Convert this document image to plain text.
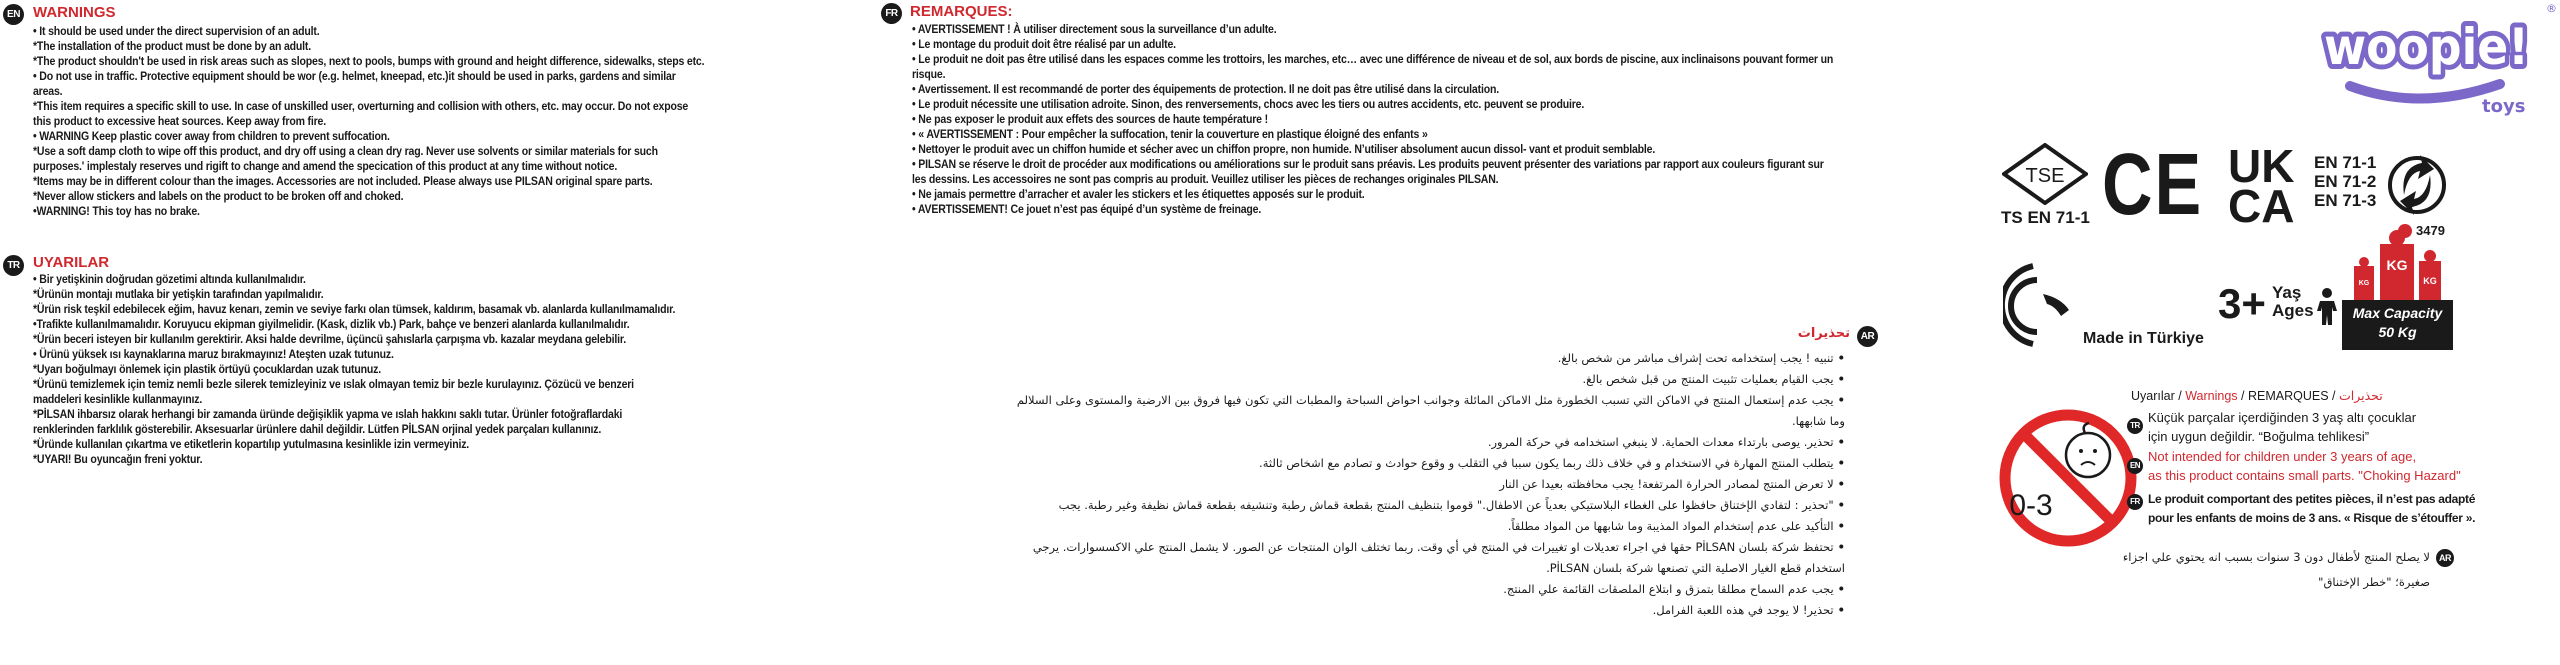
EN WARNINGS
• It should be used under the direct supervision of an adult.
*The installation of the product must be done by an adult.
*The product shouldn't be used in risk areas such as slopes, next to pools, bumps with ground and height difference, sidewalks, steps etc.
• Do not use in traffic. Protective equipment should be wor (e.g. helmet, kneepad, etc.)it should be used in parks, gardens and similar areas.
*This item requires a specific skill to use. In case of unskilled user, overturning and collision with others, etc. may occur. Do not expose this product to excessive heat sources. Keep away from fire.
• WARNING Keep plastic cover away from children to prevent suffocation.
*Use a soft damp cloth to wipe off this product, and dry off using a clean dry rag. Never use solvents or similar materials for such purposes.' implestaly reserves und rigift to change and amend the specication of this product at any time without notice.
*Items may be in different colour than the images. Accessories are not included. Please always use PILSAN original spare parts.
*Never allow stickers and labels on the product to be broken off and choked.
•WARNING! This toy has no brake.
TR UYARILAR
• Bir yetişkinin doğrudan gözetimi altında kullanılmalıdır.
*Ürünün montajı mutlaka bir yetişkin tarafından yapılmalıdır.
*Ürün risk teşkil edebilecek eğim, havuz kenarı, zemin ve seviye farkı olan tümsek, kaldırım, basamak vb. alanlarda kullanılmamalıdır.
•Trafikte kullanılmamalıdır. Koruyucu ekipman giyilmelidir. (Kask, dizlik vb.) Park, bahçe ve benzeri alanlarda kullanılmalıdır.
*Ürün beceri isteyen bir kullanılm gerektirir. Aksi halde devrilme, üçüncü şahıslarla çarpışma vb. kazalar meydana gelebilir.
• Ürünü yüksek ısı kaynaklarına maruz bırakmayınız! Ateşten uzak tutunuz.
*Uyarı boğulmayı önlemek için plastik örtüyü çocuklardan uzak tutunuz.
*Ürünü temizlemek için temiz nemli bezle silerek temizleyiniz ve ıslak olmayan temiz bir bezle kurulayınız. Çözücü ve benzeri maddeleri kesinlikle kullanmayınız.
*PİLSAN ihbarsız olarak herhangi bir zamanda üründe değişiklik yapma ve ıslah hakkını saklı tutar. Ürünler fotoğraflardaki renklerinden farklılık gösterebilir. Aksesuarlar ürünlere dahil değildir. Lütfen PİLSAN orjinal yedek parçaları kullanınız.
*Üründe kullanılan çıkartma ve etiketlerin kopartılıp yutulmasına kesinlikle izin vermeyiniz.
*UYARI! Bu oyuncağın freni yoktur.
FR REMARQUES:
• AVERTISSEMENT ! À utiliser directement sous la surveillance d’un adulte.
• Le montage du produit doit être réalisé par un adulte.
• Le produit ne doit pas être utilisé dans les espaces comme les trottoirs, les marches, etc… avec une différence de niveau et de sol, aux bords de piscine, aux inclinaisons pouvant former un risque.
• Avertissement. Il est recommandé de porter des équipements de protection. Il ne doit pas être utilisé dans la circulation.
• Le produit nécessite une utilisation adroite. Sinon, des renversements, chocs avec les tiers ou autres accidents, etc. peuvent se produire.
• Ne pas exposer le produit aux effets des sources de haute température !
• « AVERTISSEMENT : Pour empêcher la suffocation, tenir la couverture en plastique éloigné des enfants »
• Nettoyer le produit avec un chiffon humide et sécher avec un chiffon propre, non humide. N’utiliser absolument aucun dissol- vant et produit semblable.
• PILSAN se réserve le droit de procéder aux modifications ou améliorations sur le produit sans préavis. Les produits peuvent présenter des variations par rapport aux couleurs figurant sur les dessins. Les accessoires ne sont pas compris au produit. Veuillez utiliser les pièces de rechanges originales PILSAN.
• Ne jamais permettre d’arracher et avaler les stickers et les étiquettes apposés sur le produit.
• AVERTISSEMENT! Ce jouet n’est pas équipé d’un système de freinage.
AR
تحذيرات
• تنبيه ! يجب إستخدامه تحت إشراف مباشر من شخص بالغ.
• يجب القيام بعمليات تثبيت المنتج من قبل شخص بالغ.
• يجب عدم إستعمال المنتج في الاماكن التي تسبب الخطورة مثل الاماكن المائلة وجوانب احواض السباحة والمطبات التي تكون فيها فروق بين الارضية والمستوى وعلى السلالم وما شابهها.
• تحذير. يوصى بارتداء معدات الحماية. لا ينبغي استخدامه في حركة المرور.
• يتطلب المنتج المهارة في الاستخدام و في خلاف ذلك ربما يكون سببا في التقلب و وقوع حوادث و تصادم مع اشخاص ثالثة.
• لا تعرض المنتج لمصادر الحرارة المرتفعة! يجب محافظته بعيدا عن النار
• "تحذير : لتفادي الإختناق حافظوا على الغطاء البلاستيكي بعدياً عن الاطفال." قوموا بتنظيف المنتج بقطعة قماش رطبة وتنشيفه بقطعة قماش نظيفة وغير رطبة. يجب
• التأكيد على عدم إستخدام المواد المذيبة وما شابهها من المواد مطلقاً.
• تحتفظ شركة بلسان PİLSAN حقها في اجراء تعديلات او تغييرات في المنتج في أي وقت. ربما تختلف الوان المنتجات عن الصور. لا يشمل المنتج علي الاكسسوارات. يرجي استخدام قطع الغيار الاصلية التي تصنعها شركة بلسان PİLSAN.
• يجب عدم السماح مطلقا بتمزق و ابتلاع الملصقات القائمة علي المنتج.
• تحذير! لا يوجد في هذه اللعبة الفرامل.
woopie!
toys
®
TSE
TS EN 71-1 CE UK
CA
EN 71-1
EN 71-2
EN 71-3
3479
Made in Türkiye
3+ Yaş
Ages
KG
KG	KG
Max Capacity
50 Kg
0-3
Uyarılar / Warnings / REMARQUES / تحذيرات
TR
Küçük parçalar içerdiğinden 3 yaş altı çocuklar
için uygun değildir. “Boğulma tehlikesi”
EN
Not intended for children under 3 years of age,
as this product contains small parts. "Choking Hazard"
FR Le produit comportant des petites pièces, il n’est pas adapté
pour les enfants de moins de 3 ans. « Risque de s’étouffer ».
AR
لا يصلح المنتج لأطفال دون 3 سنوات بسبب انه يحتوي علي اجزاء
صغيرة؛ "خطر الإختناق"
